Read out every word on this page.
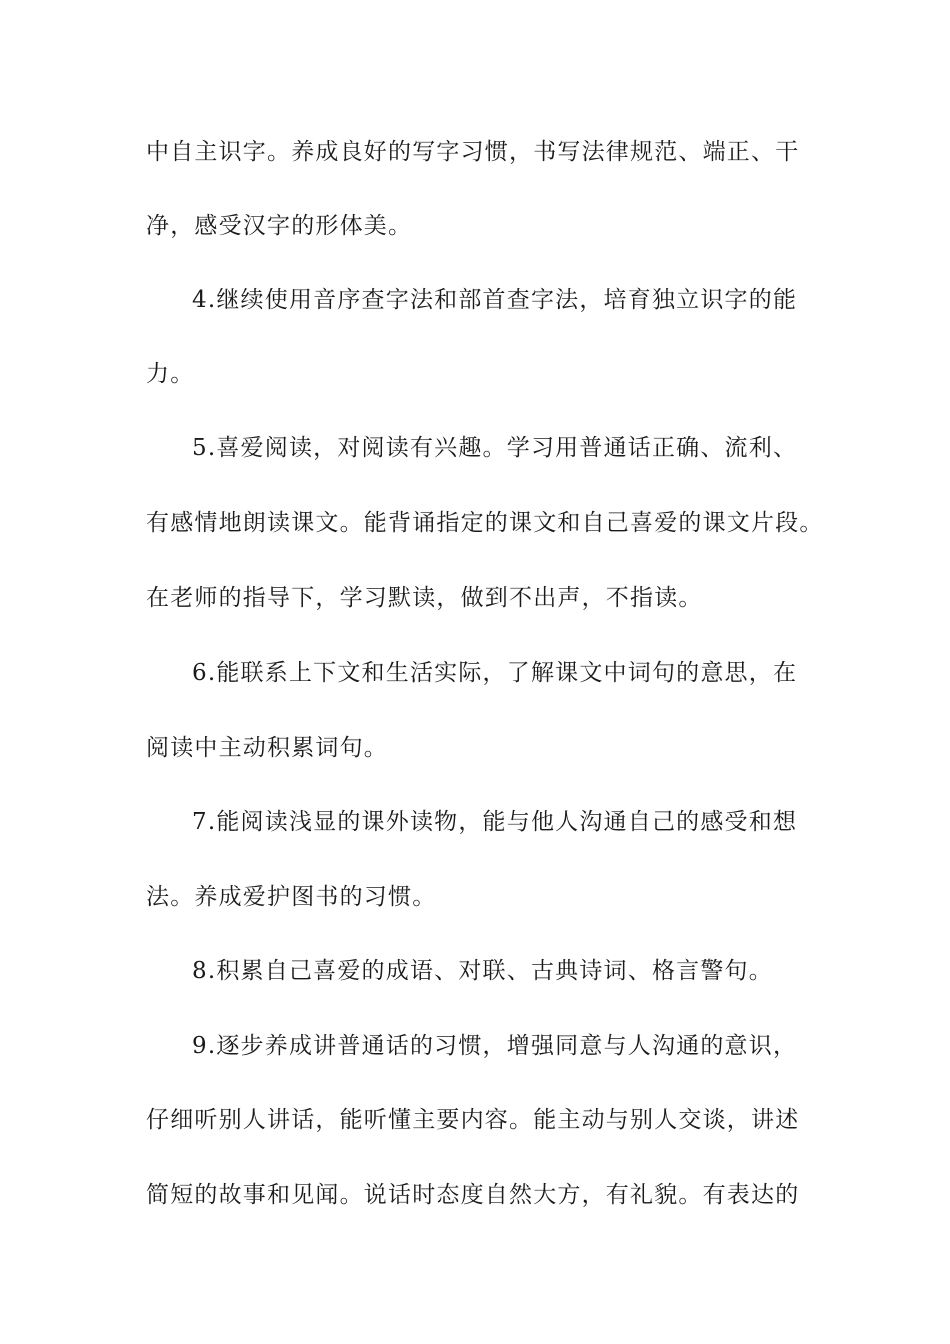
中自主识字。养成良好的写字习惯，书写法律规范、端正、干
净，感受汉字的形体美。
4.继续使用音序查字法和部首查字法，培育独立识字的能
力。
5.喜爱阅读，对阅读有兴趣。学习用普通话正确、流利、
有感情地朗读课文。能背诵指定的课文和自己喜爱的课文片段。
在老师的指导下，学习默读，做到不出声，不指读。
6.能联系上下文和生活实际，了解课文中词句的意思，在
阅读中主动积累词句。
7.能阅读浅显的课外读物，能与他人沟通自己的感受和想
法。养成爱护图书的习惯。
8.积累自己喜爱的成语、对联、古典诗词、格言警句。
9.逐步养成讲普通话的习惯，增强同意与人沟通的意识，
仔细听别人讲话，能听懂主要内容。能主动与别人交谈，讲述
简短的故事和见闻。说话时态度自然大方，有礼貌。有表达的
